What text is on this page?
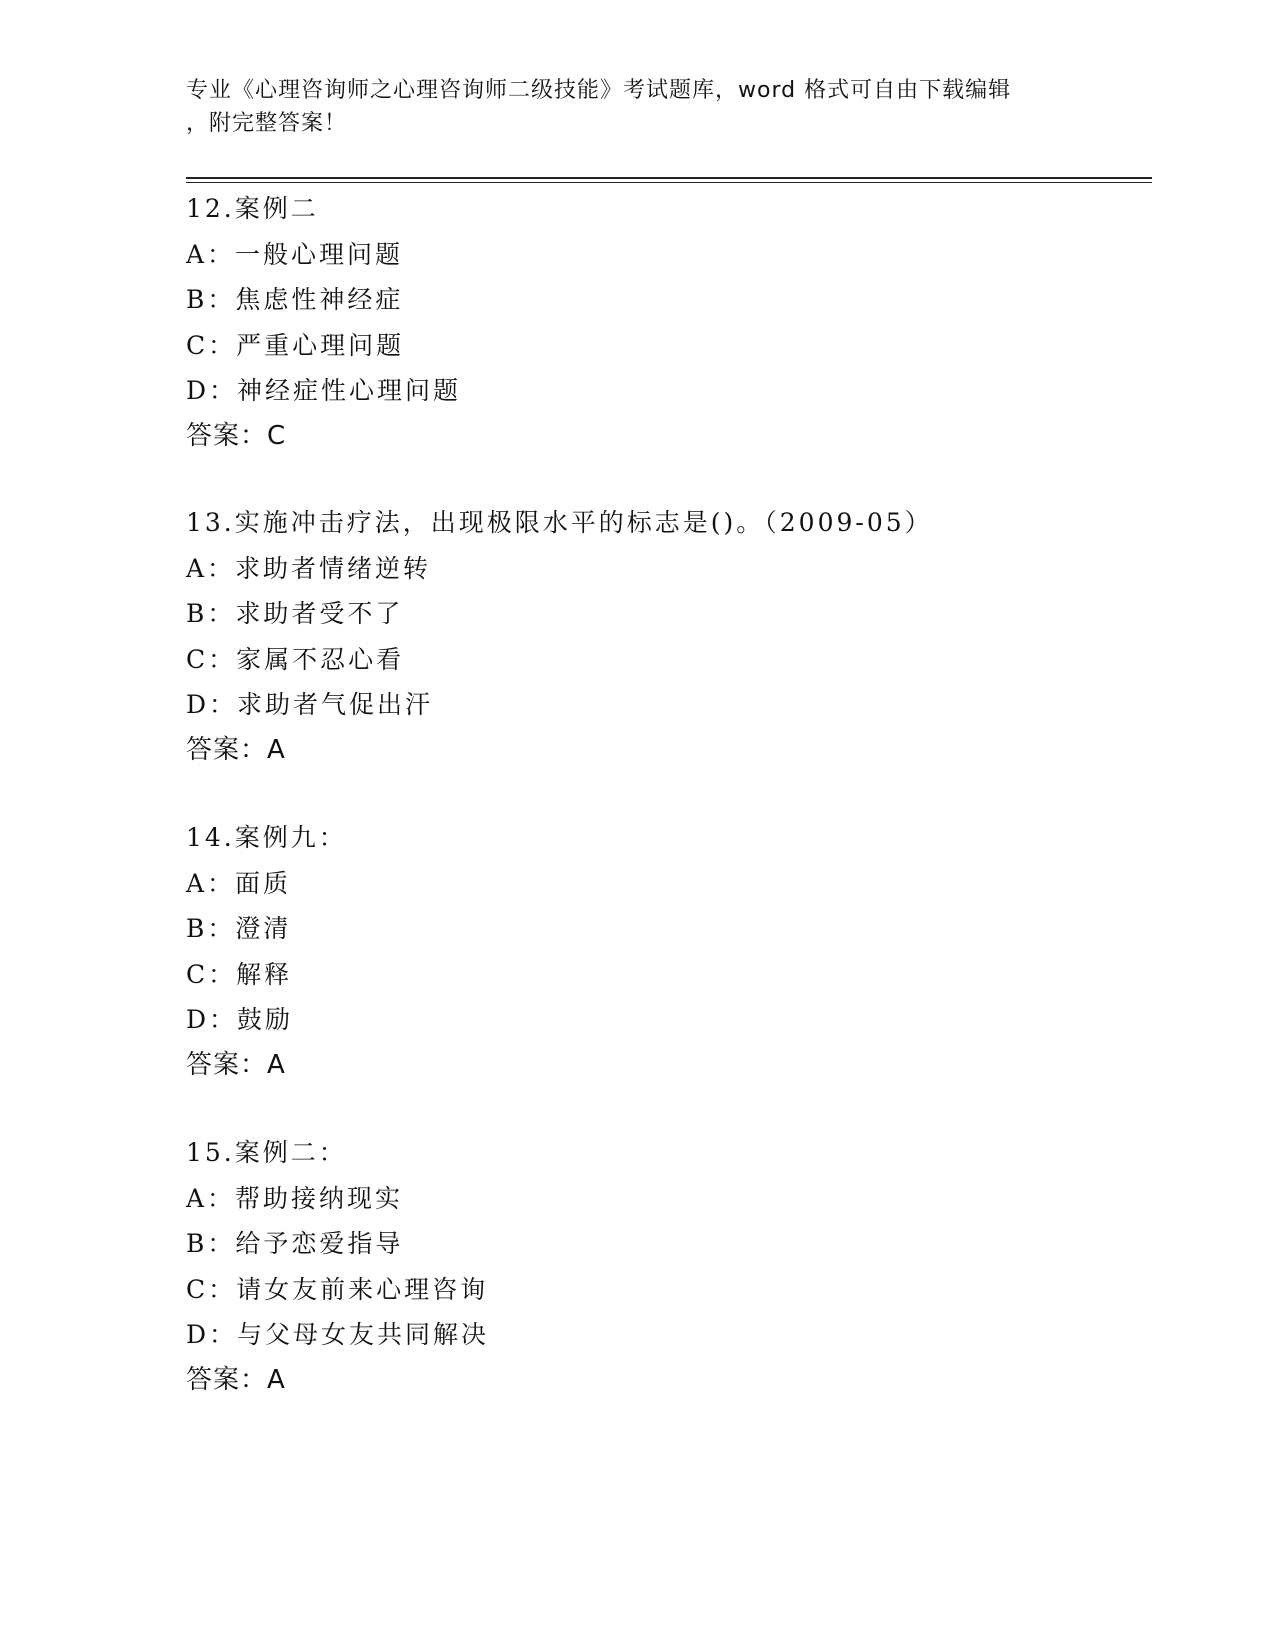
专业《心理咨询师之心理咨询师二级技能》考试题库，word 格式可自由下载编辑
，附完整答案！
12.案例二
A：一般心理问题
B：焦虑性神经症
C：严重心理问题
D：神经症性心理问题
答案：C
13.实施冲击疗法，出现极限水平的标志是()。（2009-05）
A：求助者情绪逆转
B：求助者受不了
C：家属不忍心看
D：求助者气促出汗
答案：A
14.案例九：
A：面质
B：澄清
C：解释
D：鼓励
答案：A
15.案例二：
A：帮助接纳现实
B：给予恋爱指导
C：请女友前来心理咨询
D：与父母女友共同解决
答案：A
